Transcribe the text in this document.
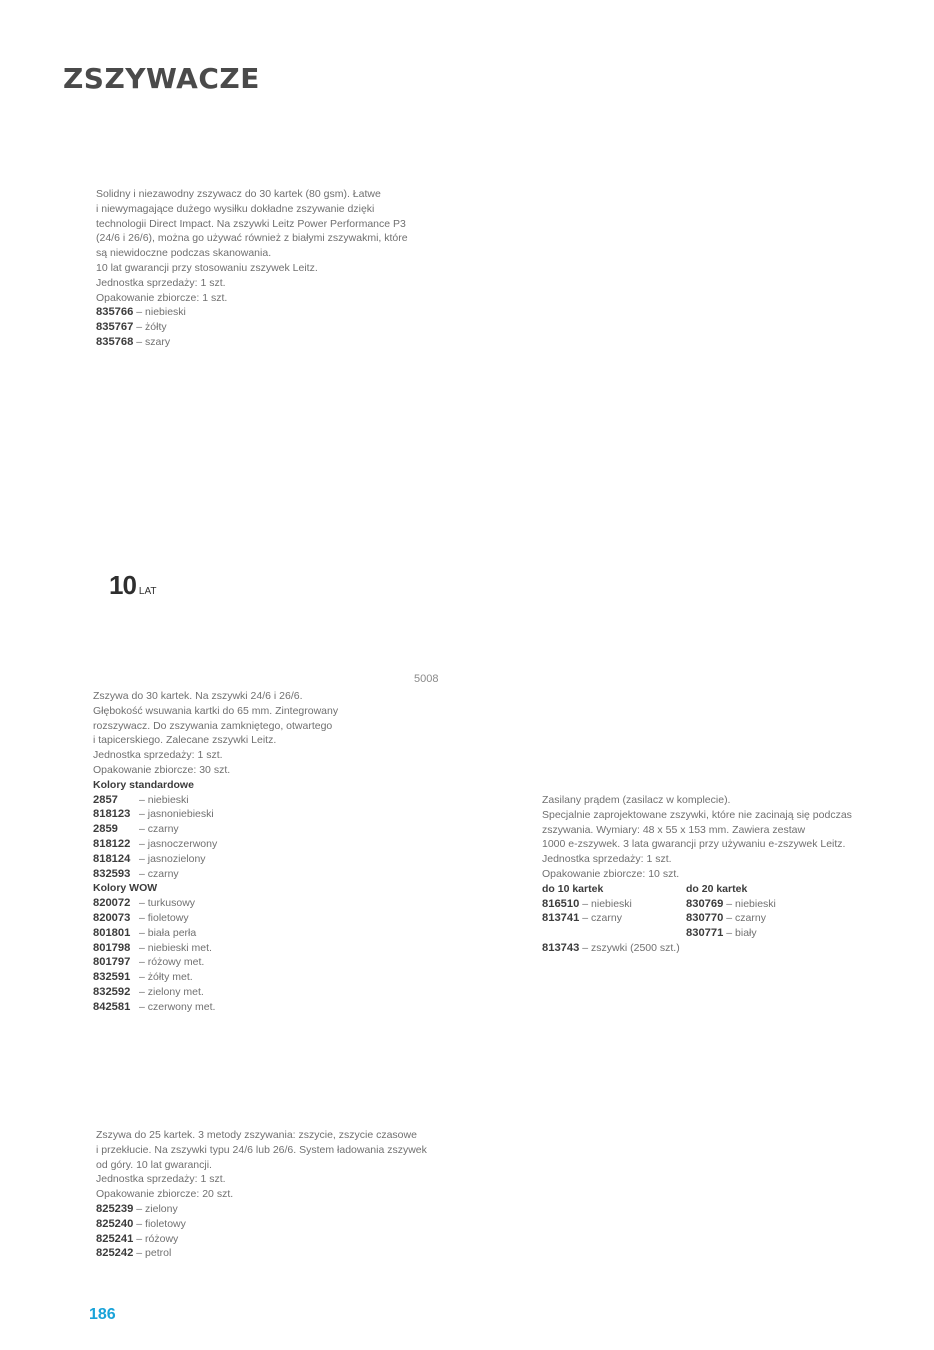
ZSZYWACZE

Solidny i niezawodny zszywacz do 30 kartek (80 gsm). Łatwe

i niewymagające dużego wysiłku dokładne zszywanie dzięki

technologii Direct Impact. Na zszywki Leitz Power Performance P3

(24/6 i 26/6), można go używać również z białymi zszywakmi, które

są niewidoczne podczas skanowania.

10 lat gwarancji przy stosowaniu zszywek Leitz.

Jednostka sprzedaży: 1 szt.

Opakowanie zbiorcze: 1 szt.

835766
– niebieski
835767
– żółty
835768
– szary
10 LAT
5008

Zszywa do 30 kartek. Na zszywki 24/6 i 26/6.

Głębokość wsuwania kartki do 65 mm. Zintegrowany

rozszywacz. Do zszywania zamkniętego, otwartego

i tapicerskiego. Zalecane zszywki Leitz.

Jednostka sprzedaży: 1 szt.

Opakowanie zbiorcze: 30 szt.

Kolory standardowe

2857	– niebieski
818123 – jasnoniebieski
2859	– czarny
818122 – jasnoczerwony
818124 – jasnozielony
832593 – czarny

Kolory WOW

820072 – turkusowy
820073 – fioletowy
801801 – biała perła
801798 – niebieski met.
801797 – różowy met.
832591 – żółty met.
832592 – zielony met.
842581 – czerwony met.

Zasilany prądem (zasilacz w komplecie).

Specjalnie zaprojektowane zszywki, które nie zacinają się podczas

zszywania. Wymiary: 48 x 55 x 153 mm. Zawiera zestaw

1000 e-zszywek. 3 lata gwarancji przy używaniu e-zszywek Leitz.

Jednostka sprzedaży: 1 szt.

Opakowanie zbiorcze: 10 szt.

do 10 kartek

816510
– niebieski
813741
– czarny

do 20 kartek

830769
– niebieski
830770
– czarny
830771
– biały
813743
– zszywki (2500 szt.)

Zszywa do 25 kartek. 3 metody zszywania: zszycie, zszycie czasowe

i przekłucie. Na zszywki typu 24/6 lub 26/6. System ładowania zszywek

od góry. 10 lat gwarancji.

Jednostka sprzedaży: 1 szt.

Opakowanie zbiorcze: 20 szt.

825239
– zielony
825240
– fioletowy
825241
– różowy
825242
– petrol
186
